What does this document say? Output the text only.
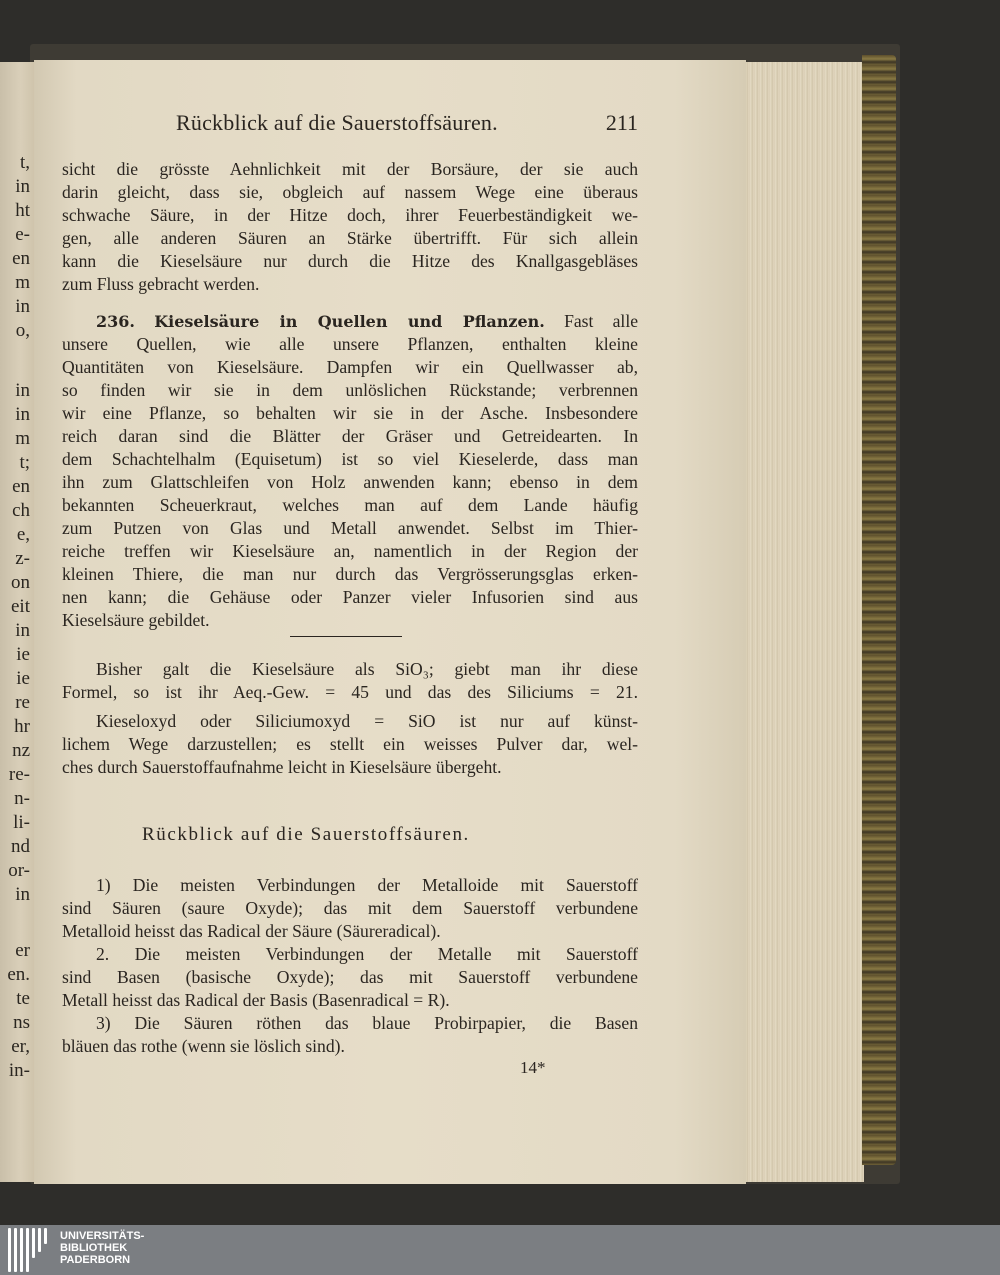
t,
in
ht
e-
en
m
in
o,
in
in
m
t;
en
ch
e,
z-
on
eit
in
ie
ie
re
hr
nz
re-
n-
li-
nd
or-
in
er
en.
te
ns
er,
in-
Rückblick auf die Sauerstoffsäuren.	211
sicht die grösste Aehnlichkeit mit der Borsäure, der sie auch
darin gleicht, dass sie, obgleich auf nassem Wege eine überaus
schwache Säure, in der Hitze doch, ihrer Feuerbeständigkeit we-
gen, alle anderen Säuren an Stärke übertrifft. Für sich allein
kann die Kieselsäure nur durch die Hitze des Knallgasgebläses
zum Fluss gebracht werden.
236. Kieselsäure in Quellen und Pflanzen. Fast alle
unsere Quellen, wie alle unsere Pflanzen, enthalten kleine
Quantitäten von Kieselsäure. Dampfen wir ein Quellwasser ab,
so finden wir sie in dem unlöslichen Rückstande; verbrennen
wir eine Pflanze, so behalten wir sie in der Asche. Insbesondere
reich daran sind die Blätter der Gräser und Getreidearten. In
dem Schachtelhalm (Equisetum) ist so viel Kieselerde, dass man
ihn zum Glattschleifen von Holz anwenden kann; ebenso in dem
bekannten Scheuerkraut, welches man auf dem Lande häufig
zum Putzen von Glas und Metall anwendet. Selbst im Thier-
reiche treffen wir Kieselsäure an, namentlich in der Region der
kleinen Thiere, die man nur durch das Vergrösserungsglas erken-
nen kann; die Gehäuse oder Panzer vieler Infusorien sind aus
Kieselsäure gebildet.
Bisher galt die Kieselsäure als SiO₃; giebt man ihr diese
Formel, so ist ihr Aeq.-Gew. = 45 und das des Siliciums = 21.
Kieseloxyd oder Siliciumoxyd = SiO ist nur auf künst-
lichem Wege darzustellen; es stellt ein weisses Pulver dar, wel-
ches durch Sauerstoffaufnahme leicht in Kieselsäure übergeht.
Rückblick auf die Sauerstoffsäuren.
1) Die meisten Verbindungen der Metalloide mit Sauerstoff
sind Säuren (saure Oxyde); das mit dem Sauerstoff verbundene
Metalloid heisst das Radical der Säure (Säureradical).
2. Die meisten Verbindungen der Metalle mit Sauerstoff
sind Basen (basische Oxyde); das mit Sauerstoff verbundene
Metall heisst das Radical der Basis (Basenradical = R).
3) Die Säuren röthen das blaue Probirpapier, die Basen
bläuen das rothe (wenn sie löslich sind).
14*
UNIVERSITÄTS-
BIBLIOTHEK
PADERBORN
